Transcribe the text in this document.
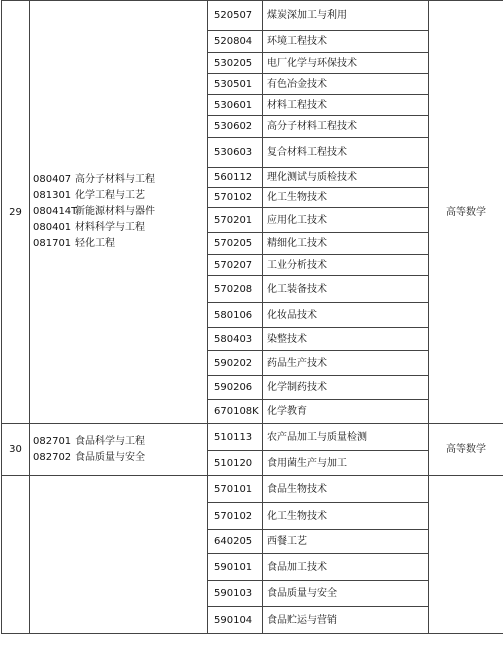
29	080407 高分子材料与工程
081301 化学工程与工艺
080414T新能源材料与器件
080401 材料科学与工程
081701 轻化工程	520507	煤炭深加工与利用	高等数学
		520804	环境工程技术	
		530205	电厂化学与环保技术	
		530501	有色冶金技术	
		530601	材料工程技术	
		530602	高分子材料工程技术	
		530603	复合材料工程技术	
		560112	理化测试与质检技术	
		570102	化工生物技术	
		570201	应用化工技术	
		570205	精细化工技术	
		570207	工业分析技术	
		570208	化工装备技术	
		580106	化妆品技术	
		580403	染整技术	
		590202	药品生产技术	
		590206	化学制药技术	
		670108K	化学教育	
30	082701 食品科学与工程
082702 食品质量与安全	510113	农产品加工与质量检测	高等数学
		510120	食用菌生产与加工	
		570101	食品生物技术	
		570102	化工生物技术	
		640205	西餐工艺	
		590101	食品加工技术	
		590103	食品质量与安全	
		590104	食品贮运与营销	
